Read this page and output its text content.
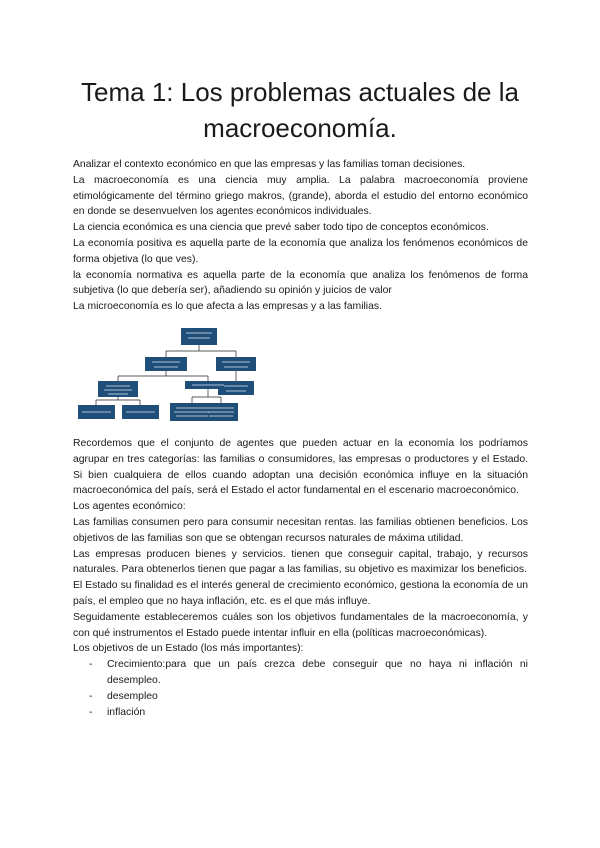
Tema 1: Los problemas actuales de la macroeconomía.

Analizar el contexto económico en que las empresas y las familias toman decisiones.

La macroeconomía es una ciencia muy amplia. La palabra macroeconomía proviene etimológicamente del término griego makros, (grande), aborda el estudio del entorno económico en donde se desenvuelven los agentes económicos individuales.

La ciencia económica es una ciencia que prevé saber todo tipo de conceptos económicos.

La economía positiva es aquella parte de la economía que analiza los fenómenos económicos de forma objetiva (lo que ves).

la economía normativa es aquella parte de la economía que analiza los fenómenos de forma subjetiva (lo que debería ser), añadiendo su opinión y juicios de valor

La microeconomía es lo que afecta a las empresas y a las familias.

Recordemos que el conjunto de agentes que pueden actuar en la economía los podríamos agrupar en tres categorías: las familias o consumidores, las empresas o productores y el Estado. Si bien cualquiera de ellos cuando adoptan una decisión económica influye en la situación macroeconómica del país, será el Estado el actor fundamental en el escenario macroeconómico.

Los agentes económico:

Las familias consumen pero para consumir necesitan rentas. las familias obtienen beneficios. Los objetivos de las familias son que se obtengan recursos naturales de máxima utilidad.

Las empresas producen bienes y servicios. tienen que conseguir capital, trabajo, y recursos naturales. Para obtenerlos tienen que pagar a las familias, su objetivo es maximizar los beneficios.

El Estado su finalidad es el interés general de crecimiento económico, gestiona la economía de un país, el empleo que no haya inflación, etc. es el que más influye.

Seguidamente estableceremos cuáles son los objetivos fundamentales de la macroeconomía, y con qué instrumentos el Estado puede intentar influir en ella (políticas macroeconómicas).

Los objetivos de un Estado (los más importantes):

- Crecimiento:para que un país crezca debe conseguir que no haya ni inflación ni desempleo.
- desempleo
- inflación
